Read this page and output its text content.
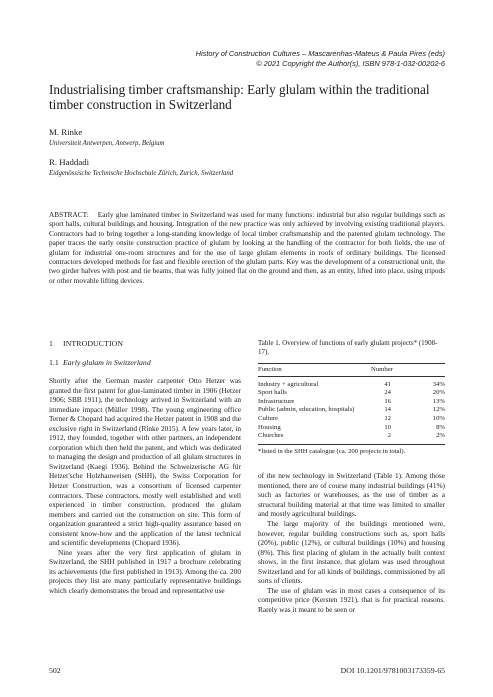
History of Construction Cultures – Mascarenhas-Mateus & Paula Pires (eds)
© 2021 Copyright the Author(s), ISBN 978-1-032-00202-6
Industrialising timber craftsmanship: Early glulam within the traditional timber construction in Switzerland
M. Rinke
Universiteit Antwerpen, Antwerp, Belgium
R. Haddadi
Eidgenössische Technische Hochschule Zürich, Zurich, Switzerland
ABSTRACT: Early glue laminated timber in Switzerland was used for many functions: industrial but also regular buildings such as sport halls, cultural buildings and housing. Integration of the new practice was only achieved by involving existing traditional players. Contractors had to bring together a long-standing knowledge of local timber craftsmanship and the patented glulam technology. The paper traces the early onsite construction practice of glulam by looking at the handling of the contractor for both fields, the use of glulam for industrial one-room structures and for the use of large glulam elements in roofs of ordinary buildings. The licensed contractors developed methods for fast and flexible erection of the glulam parts. Key was the development of a constructional unit, the two girder halves with post and tie beams, that was fully joined flat on the ground and then, as an entity, lifted into place, using tripods or other movable lifting devices.
1 INTRODUCTION
1.1 Early glulam in Switzerland

Shortly after the German master carpenter Otto Hetzer was granted the first patent for glue-laminated timber in 1906 (Hetzer 1906; SBB 1911), the technology arrived in Switzerland with an immediate impact (Müller 1998). The young engineering office Terner & Chopard had acquired the Hetzer patent in 1908 and the exclusive right in Switzerland (Rinke 2015). A few years later, in 1912, they founded, together with other partners, an independent corporation which then held the patent, and which was dedicated to managing the design and production of all glulam structures in Switzerland (Kaegi 1936). Behind the Schweizerische AG für Hetzer'sche Holzbauweisen (SHH), the Swiss Corporation for Hetzer Construction, was a consortium of licensed carpenter contractors. These contractors, mostly well established and well experienced in timber construction, produced the glulam members and carried out the construction on site. This form of organization guaranteed a strict high-quality assurance based on consistent know-how and the application of the latest technical and scientific developments (Chopard 1936).

Nine years after the very first application of glulam in Switzerland, the SHH published in 1917 a brochure celebrating its achievements (the first published in 1913). Among the ca. 200 projects they list are many particularly representative buildings which clearly demonstrates the broad and representative use

Table 1. Overview of functions of early glulam projects* (1908-17).
Function	Number		
Industry + agricultural	41		34%
Sport halls	24		20%
Infrastructure	16		13%
Public (admin, education, hospitals)	14		12%
Culture	12		10%
Housing	10		8%
Churches	2		2%
*listed in the SHH catalogue (ca. 200 projects in total).

of the new technology in Switzerland (Table 1). Among those mentioned, there are of course many industrial buildings (41%) such as factories or warehouses, as the use of timber as a structural building material at that time was limited to smaller and mostly agricultural buildings.

The large majority of the buildings mentioned were, however, regular building constructions such as, sport halls (20%), public (12%), or cultural buildings (10%) and housing (8%). This first placing of glulam in the actually built context shows, in the first instance, that glulam was used throughout Switzerland and for all kinds of buildings, commissioned by all sorts of clients.

The use of glulam was in most cases a consequence of its competitive price (Kersten 1921), that is for practical reasons. Rarely was it meant to be seen or

502	DOI 10.1201/9781003173359-65
